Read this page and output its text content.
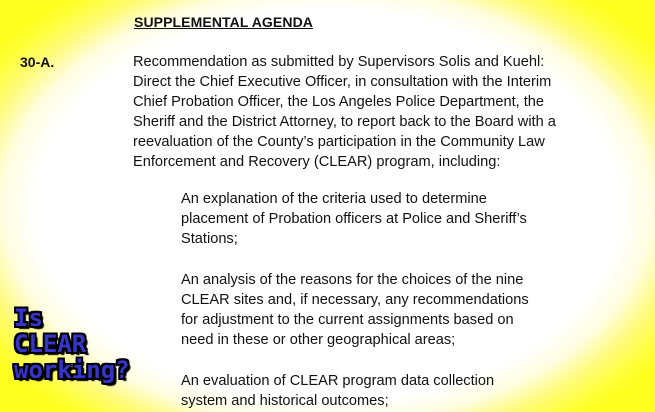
SUPPLEMENTAL AGENDA
30-A.	Recommendation as submitted by Supervisors Solis and Kuehl:
Direct the Chief Executive Officer, in consultation with the Interim
Chief Probation Officer, the Los Angeles Police Department, the
Sheriff and the District Attorney, to report back to the Board with a
reevaluation of the County’s participation in the Community Law
Enforcement and Recovery (CLEAR) program, including:
An explanation of the criteria used to determine
placement of Probation officers at Police and Sheriff’s
Stations;
An analysis of the reasons for the choices of the nine
CLEAR sites and, if necessary, any recommendations
for adjustment to the current assignments based on
need in these or other geographical areas;
An evaluation of CLEAR program data collection
system and historical outcomes;
Is
CLEAR
working?
